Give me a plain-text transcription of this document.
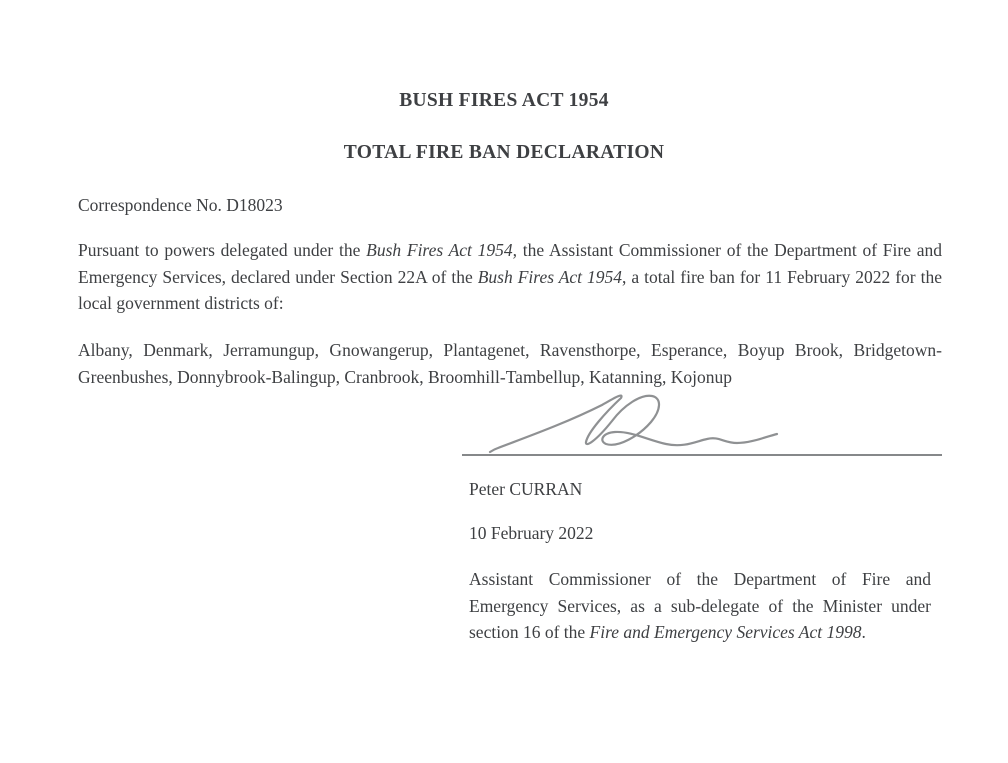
BUSH FIRES ACT 1954
TOTAL FIRE BAN DECLARATION

Correspondence No. D18023

Pursuant to powers delegated under the Bush Fires Act 1954, the Assistant Commissioner of the Department of Fire and Emergency Services, declared under Section 22A of the Bush Fires Act 1954, a total fire ban for 11 February 2022 for the local government districts of:

Albany, Denmark, Jerramungup, Gnowangerup, Plantagenet, Ravensthorpe, Esperance, Boyup Brook, Bridgetown-Greenbushes, Donnybrook-Balingup, Cranbrook, Broomhill-Tambellup, Katanning, Kojonup

Peter CURRAN

10 February 2022

Assistant Commissioner of the Department of Fire and Emergency Services, as a sub-delegate of the Minister under section 16 of the Fire and Emergency Services Act 1998.
